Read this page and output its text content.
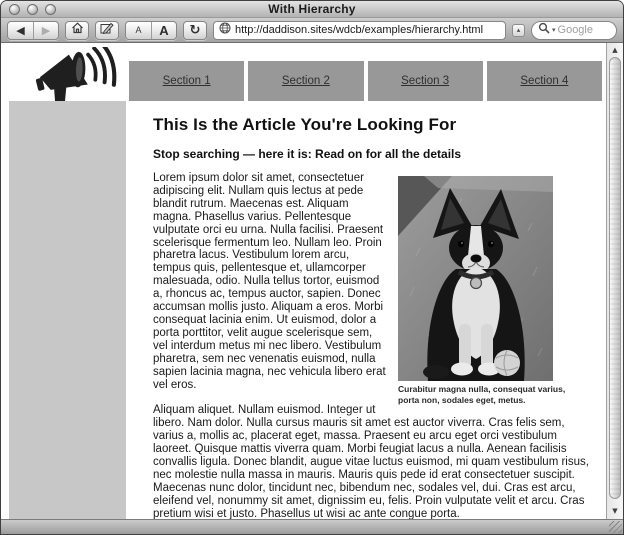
With Hierarchy
◀ ▶	A A ↻
http://daddison.sites/wdcb/examples/hierarchy.html	▴	▾
Google
Section 1	Section 2	Section 3	Section 4
This Is the Article You're Looking For
Stop searching — here it is: Read on for all the details
Curabitur magna nulla, consequat varius, porta non, sodales eget, metus.

Lorem ipsum dolor sit amet, consectetuer adipiscing elit. Nullam quis lectus at pede blandit rutrum. Maecenas est. Aliquam magna. Phasellus varius. Pellentesque vulputate orci eu urna. Nulla facilisi. Praesent scelerisque fermentum leo. Nullam leo. Proin pharetra lacus. Vestibulum lorem arcu, tempus quis, pellentesque et, ullamcorper malesuada, odio. Nulla tellus tortor, euismod a, rhoncus ac, tempus auctor, sapien. Donec accumsan mollis justo. Aliquam a eros. Morbi consequat lacinia enim. Ut euismod, dolor a porta porttitor, velit augue scelerisque sem, vel interdum metus mi nec libero. Vestibulum pharetra, sem nec venenatis euismod, nulla sapien lacinia magna, nec vehicula libero erat vel eros.

Aliquam aliquet. Nullam euismod. Integer ut libero. Nam dolor. Nulla cursus mauris sit amet est auctor viverra. Cras felis sem, varius a, mollis ac, placerat eget, massa. Praesent eu arcu eget orci vestibulum laoreet. Quisque mattis viverra quam. Morbi feugiat lacus a nulla. Aenean facilisis convallis ligula. Donec blandit, augue vitae luctus euismod, mi quam vestibulum risus, nec molestie nulla massa in mauris. Mauris quis pede id erat consectetuer suscipit. Maecenas nunc dolor, tincidunt nec, bibendum nec, sodales vel, dui. Cras est arcu, eleifend vel, nonummy sit amet, dignissim eu, felis. Proin vulputate velit et arcu. Cras pretium wisi et justo. Phasellus ut wisi ac ante congue porta.

▲
▼
